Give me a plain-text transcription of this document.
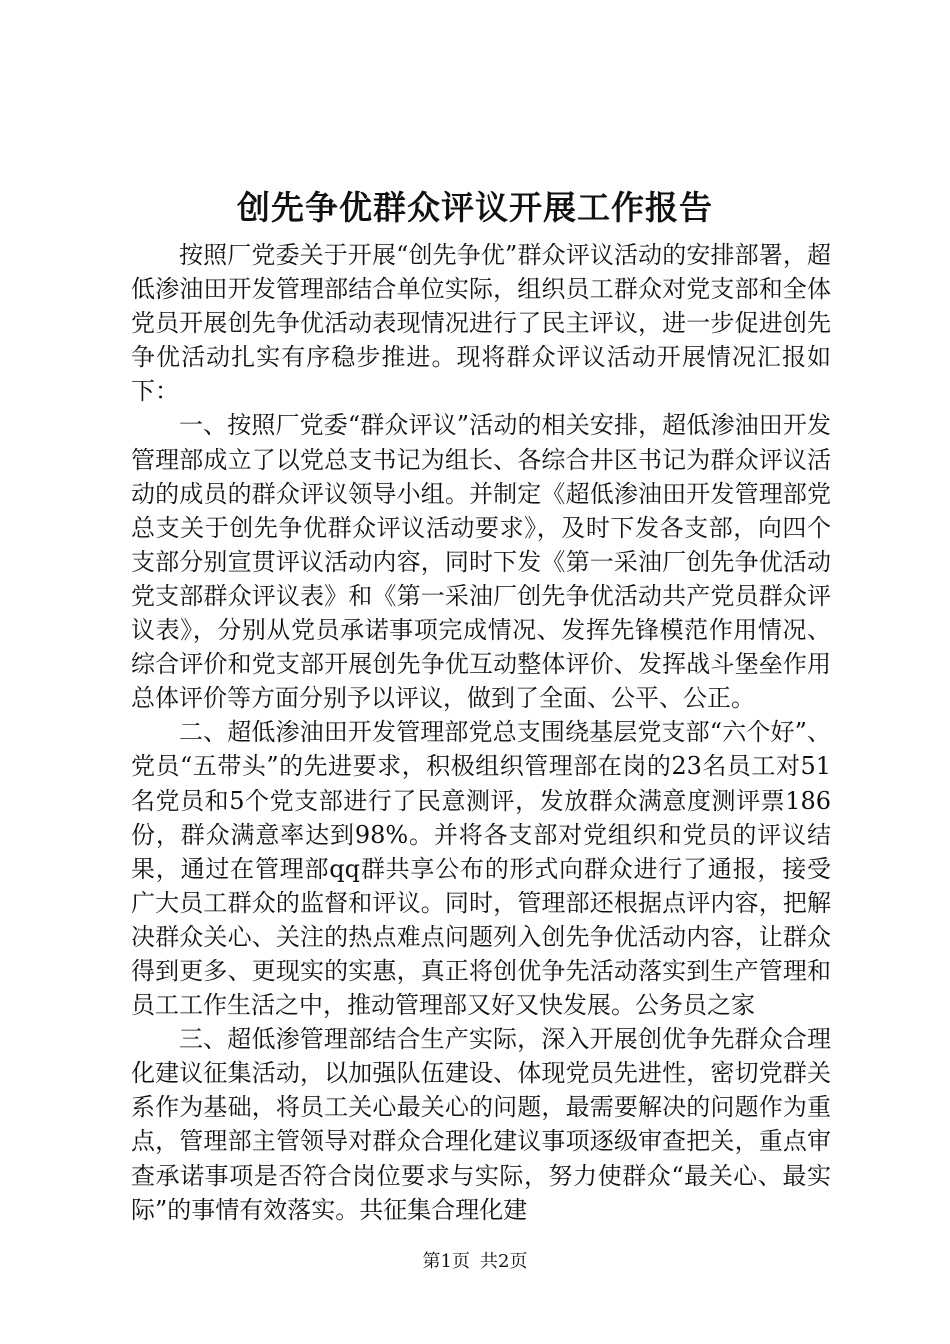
创先争优群众评议开展工作报告

按照厂党委关于开展“创先争优”群众评议活动的安排部署，超低渗油田开发管理部结合单位实际，组织员工群众对党支部和全体党员开展创先争优活动表现情况进行了民主评议，进一步促进创先争优活动扎实有序稳步推进。现将群众评议活动开展情况汇报如下：

一、按照厂党委“群众评议”活动的相关安排，超低渗油田开发管理部成立了以党总支书记为组长、各综合井区书记为群众评议活动的成员的群众评议领导小组。并制定《超低渗油田开发管理部党总支关于创先争优群众评议活动要求》，及时下发各支部，向四个支部分别宣贯评议活动内容，同时下发《第一采油厂创先争优活动党支部群众评议表》和《第一采油厂创先争优活动共产党员群众评议表》，分别从党员承诺事项完成情况、发挥先锋模范作用情况、综合评价和党支部开展创先争优互动整体评价、发挥战斗堡垒作用总体评价等方面分别予以评议，做到了全面、公平、公正。

二、超低渗油田开发管理部党总支围绕基层党支部“六个好”、党员“五带头”的先进要求，积极组织管理部在岗的23名员工对51名党员和5个党支部进行了民意测评，发放群众满意度测评票186份，群众满意率达到98%。并将各支部对党组织和党员的评议结果，通过在管理部qq群共享公布的形式向群众进行了通报，接受广大员工群众的监督和评议。同时，管理部还根据点评内容，把解决群众关心、关注的热点难点问题列入创先争优活动内容，让群众得到更多、更现实的实惠，真正将创优争先活动落实到生产管理和员工工作生活之中，推动管理部又好又快发展。公务员之家

三、超低渗管理部结合生产实际，深入开展创优争先群众合理化建议征集活动，以加强队伍建设、体现党员先进性，密切党群关系作为基础，将员工关心最关心的问题，最需要解决的问题作为重点，管理部主管领导对群众合理化建议事项逐级审查把关，重点审查承诺事项是否符合岗位要求与实际，努力使群众“最关心、最实际”的事情有效落实。共征集合理化建

第1页 共2页
